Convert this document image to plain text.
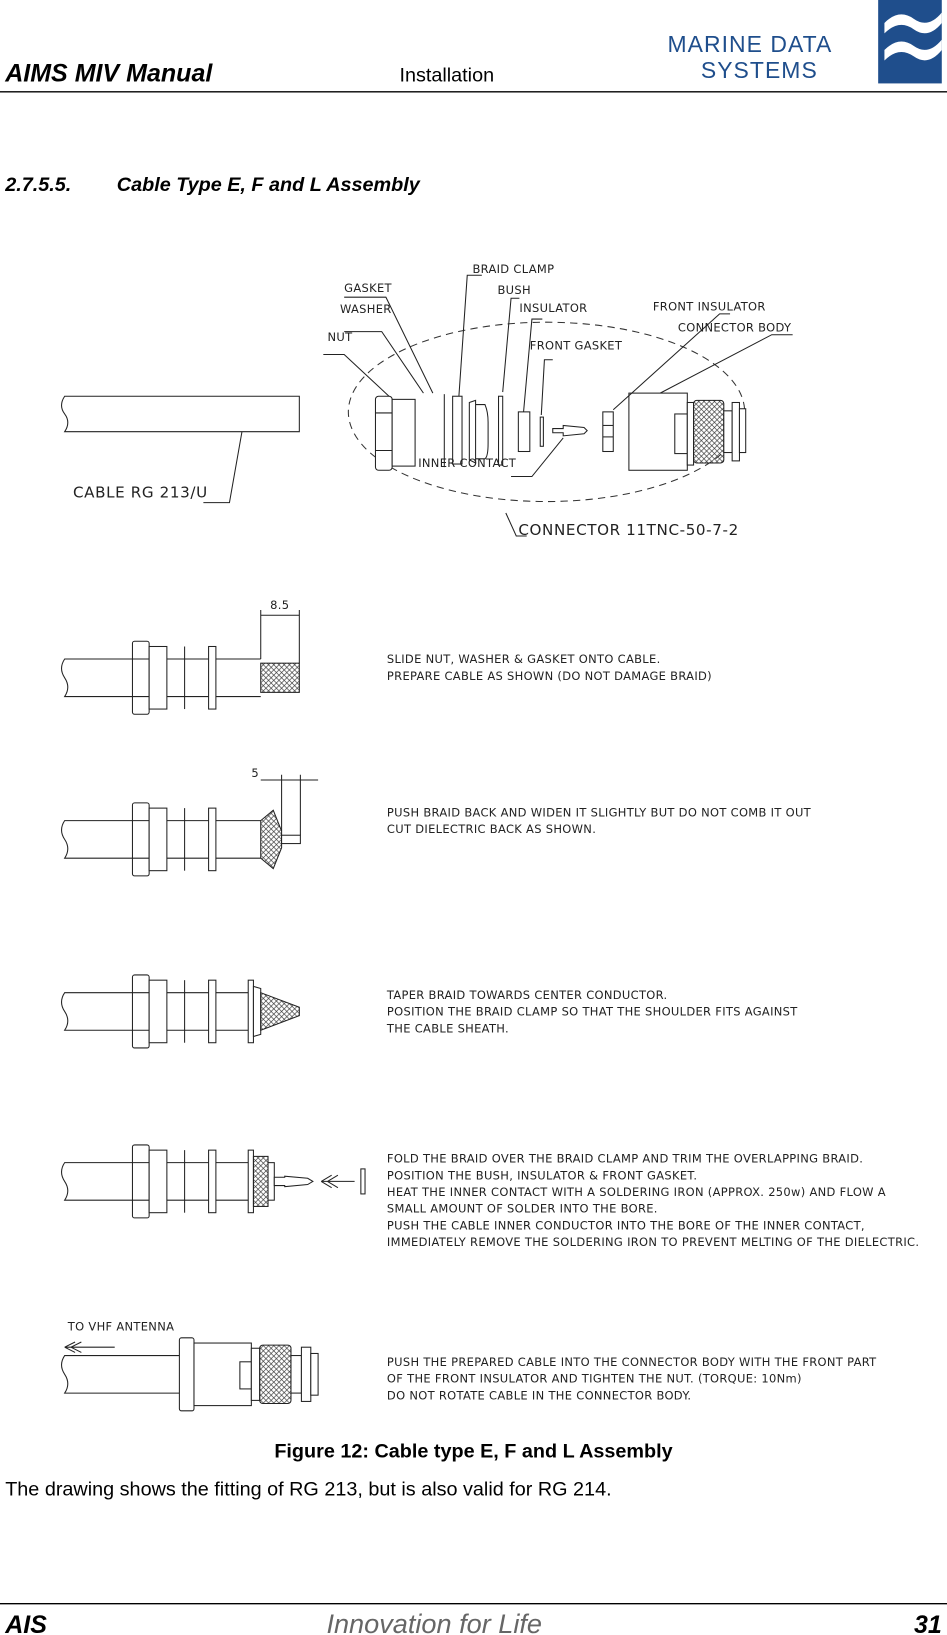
AIMS MIV Manual	Installation
MARINE DATA
SYSTEMS
2.7.5.5. Cable Type E, F and L Assembly
CABLE RG 213/U
GASKET
BRAID CLAMP
BUSH
WASHER	INSULATOR	FRONT INSULATOR
NUT
CONNECTOR BODY
FRONT GASKET
INNER CONTACT
CONNECTOR 11TNC-50-7-2
8.5
SLIDE NUT, WASHER & GASKET ONTO CABLE.
PREPARE CABLE AS SHOWN (DO NOT DAMAGE BRAID)
5
PUSH BRAID BACK AND WIDEN IT SLIGHTLY BUT DO NOT COMB IT OUT
CUT DIELECTRIC BACK AS SHOWN.
TAPER BRAID TOWARDS CENTER CONDUCTOR.
POSITION THE BRAID CLAMP SO THAT THE SHOULDER FITS AGAINST
THE CABLE SHEATH.
FOLD THE BRAID OVER THE BRAID CLAMP AND TRIM THE OVERLAPPING BRAID.
POSITION THE BUSH, INSULATOR & FRONT GASKET.
HEAT THE INNER CONTACT WITH A SOLDERING IRON (APPROX. 250w) AND FLOW A
SMALL AMOUNT OF SOLDER INTO THE BORE.
PUSH THE CABLE INNER CONDUCTOR INTO THE BORE OF THE INNER CONTACT,
IMMEDIATELY REMOVE THE SOLDERING IRON TO PREVENT MELTING OF THE DIELECTRIC.
TO VHF ANTENNA
PUSH THE PREPARED CABLE INTO THE CONNECTOR BODY WITH THE FRONT PART
OF THE FRONT INSULATOR AND TIGHTEN THE NUT. (TORQUE: 10Nm)
DO NOT ROTATE CABLE IN THE CONNECTOR BODY.
Figure 12: Cable type E, F and L Assembly
The drawing shows the fitting of RG 213, but is also valid for RG 214.
AIS	Innovation for Life	31
